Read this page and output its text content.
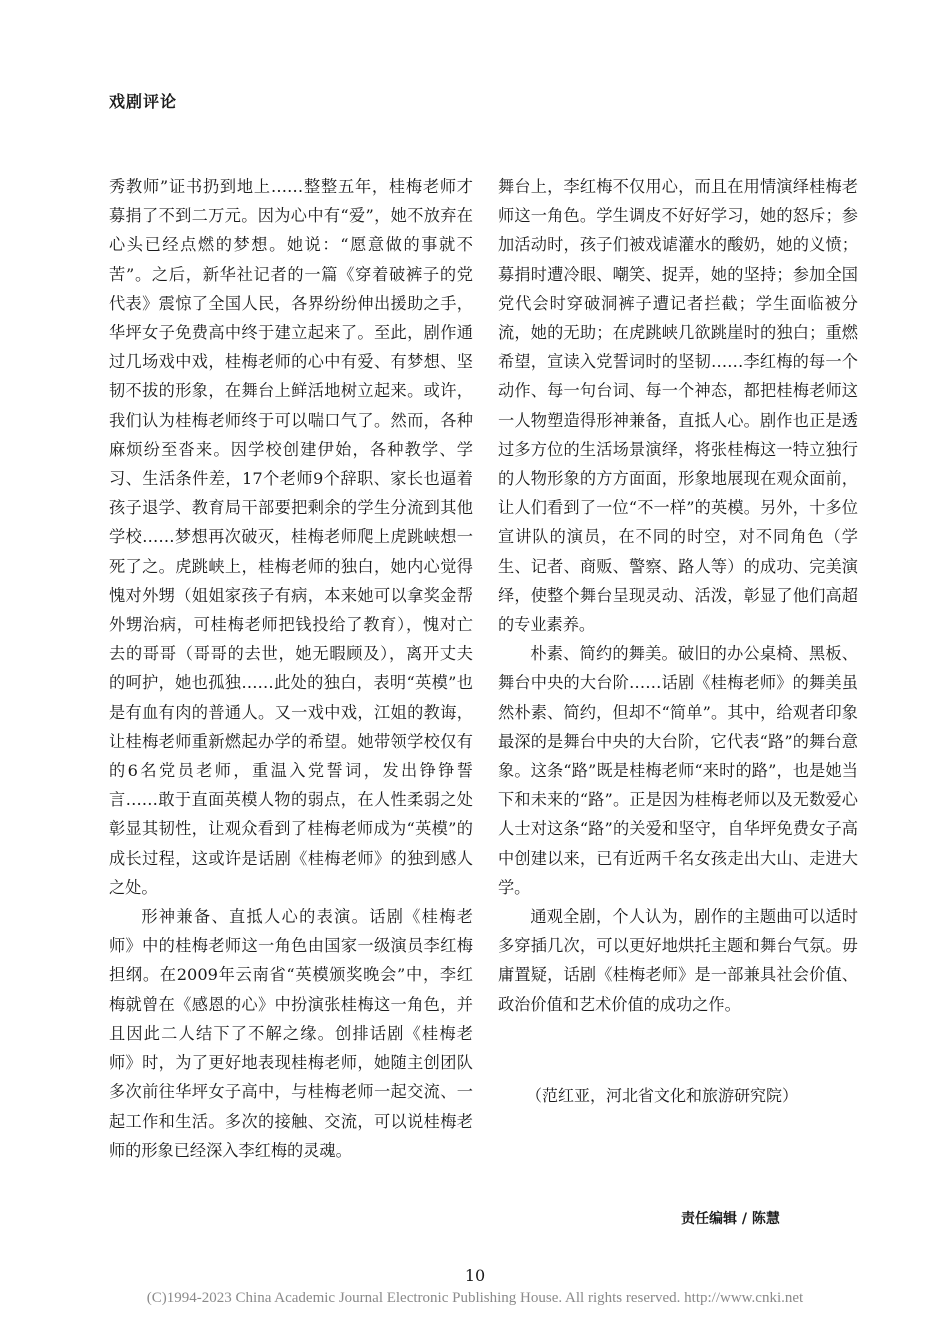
戏剧评论

秀教师”证书扔到地上……整整五年，桂梅老师才募捐了不到二万元。因为心中有“爱”，她不放弃在心头已经点燃的梦想。她说：“愿意做的事就不苦”。之后，新华社记者的一篇《穿着破裤子的党代表》震惊了全国人民，各界纷纷伸出援助之手，华坪女子免费高中终于建立起来了。至此，剧作通过几场戏中戏，桂梅老师的心中有爱、有梦想、坚韧不拔的形象，在舞台上鲜活地树立起来。或许，我们认为桂梅老师终于可以喘口气了。然而，各种麻烦纷至沓来。因学校创建伊始，各种教学、学习、生活条件差，17个老师9个辞职、家长也逼着孩子退学、教育局干部要把剩余的学生分流到其他学校……梦想再次破灭，桂梅老师爬上虎跳峡想一死了之。虎跳峡上，桂梅老师的独白，她内心觉得愧对外甥（姐姐家孩子有病，本来她可以拿奖金帮外甥治病，可桂梅老师把钱投给了教育），愧对亡去的哥哥（哥哥的去世，她无暇顾及），离开丈夫的呵护，她也孤独……此处的独白，表明“英模”也是有血有肉的普通人。又一戏中戏，江姐的教诲，让桂梅老师重新燃起办学的希望。她带领学校仅有的6名党员老师，重温入党誓词，发出铮铮誓言……敢于直面英模人物的弱点，在人性柔弱之处彰显其韧性，让观众看到了桂梅老师成为“英模”的成长过程，这或许是话剧《桂梅老师》的独到感人之处。

形神兼备、直抵人心的表演。话剧《桂梅老师》中的桂梅老师这一角色由国家一级演员李红梅担纲。在2009年云南省“英模颁奖晚会”中，李红梅就曾在《感恩的心》中扮演张桂梅这一角色，并且因此二人结下了不解之缘。创排话剧《桂梅老师》时，为了更好地表现桂梅老师，她随主创团队多次前往华坪女子高中，与桂梅老师一起交流、一起工作和生活。多次的接触、交流，可以说桂梅老师的形象已经深入李红梅的灵魂。

舞台上，李红梅不仅用心，而且在用情演绎桂梅老师这一角色。学生调皮不好好学习，她的怒斥；参加活动时，孩子们被戏谑灌水的酸奶，她的义愤；募捐时遭冷眼、嘲笑、捉弄，她的坚持；参加全国党代会时穿破洞裤子遭记者拦截；学生面临被分流，她的无助；在虎跳峡几欲跳崖时的独白；重燃希望，宣读入党誓词时的坚韧……李红梅的每一个动作、每一句台词、每一个神态，都把桂梅老师这一人物塑造得形神兼备，直抵人心。剧作也正是透过多方位的生活场景演绎，将张桂梅这一特立独行的人物形象的方方面面，形象地展现在观众面前，让人们看到了一位“不一样”的英模。另外，十多位宣讲队的演员，在不同的时空，对不同角色（学生、记者、商贩、警察、路人等）的成功、完美演绎，使整个舞台呈现灵动、活泼，彰显了他们高超的专业素养。

朴素、简约的舞美。破旧的办公桌椅、黑板、舞台中央的大台阶……话剧《桂梅老师》的舞美虽然朴素、简约，但却不“简单”。其中，给观者印象最深的是舞台中央的大台阶，它代表“路”的舞台意象。这条“路”既是桂梅老师“来时的路”，也是她当下和未来的“路”。正是因为桂梅老师以及无数爱心人士对这条“路”的关爱和坚守，自华坪免费女子高中创建以来，已有近两千名女孩走出大山、走进大学。

通观全剧，个人认为，剧作的主题曲可以适时多穿插几次，可以更好地烘托主题和舞台气氛。毋庸置疑，话剧《桂梅老师》是一部兼具社会价值、政治价值和艺术价值的成功之作。

（范红亚，河北省文化和旅游研究院）
责任编辑 / 陈慧
10
(C)1994-2023 China Academic Journal Electronic Publishing House. All rights reserved. http://www.cnki.net
